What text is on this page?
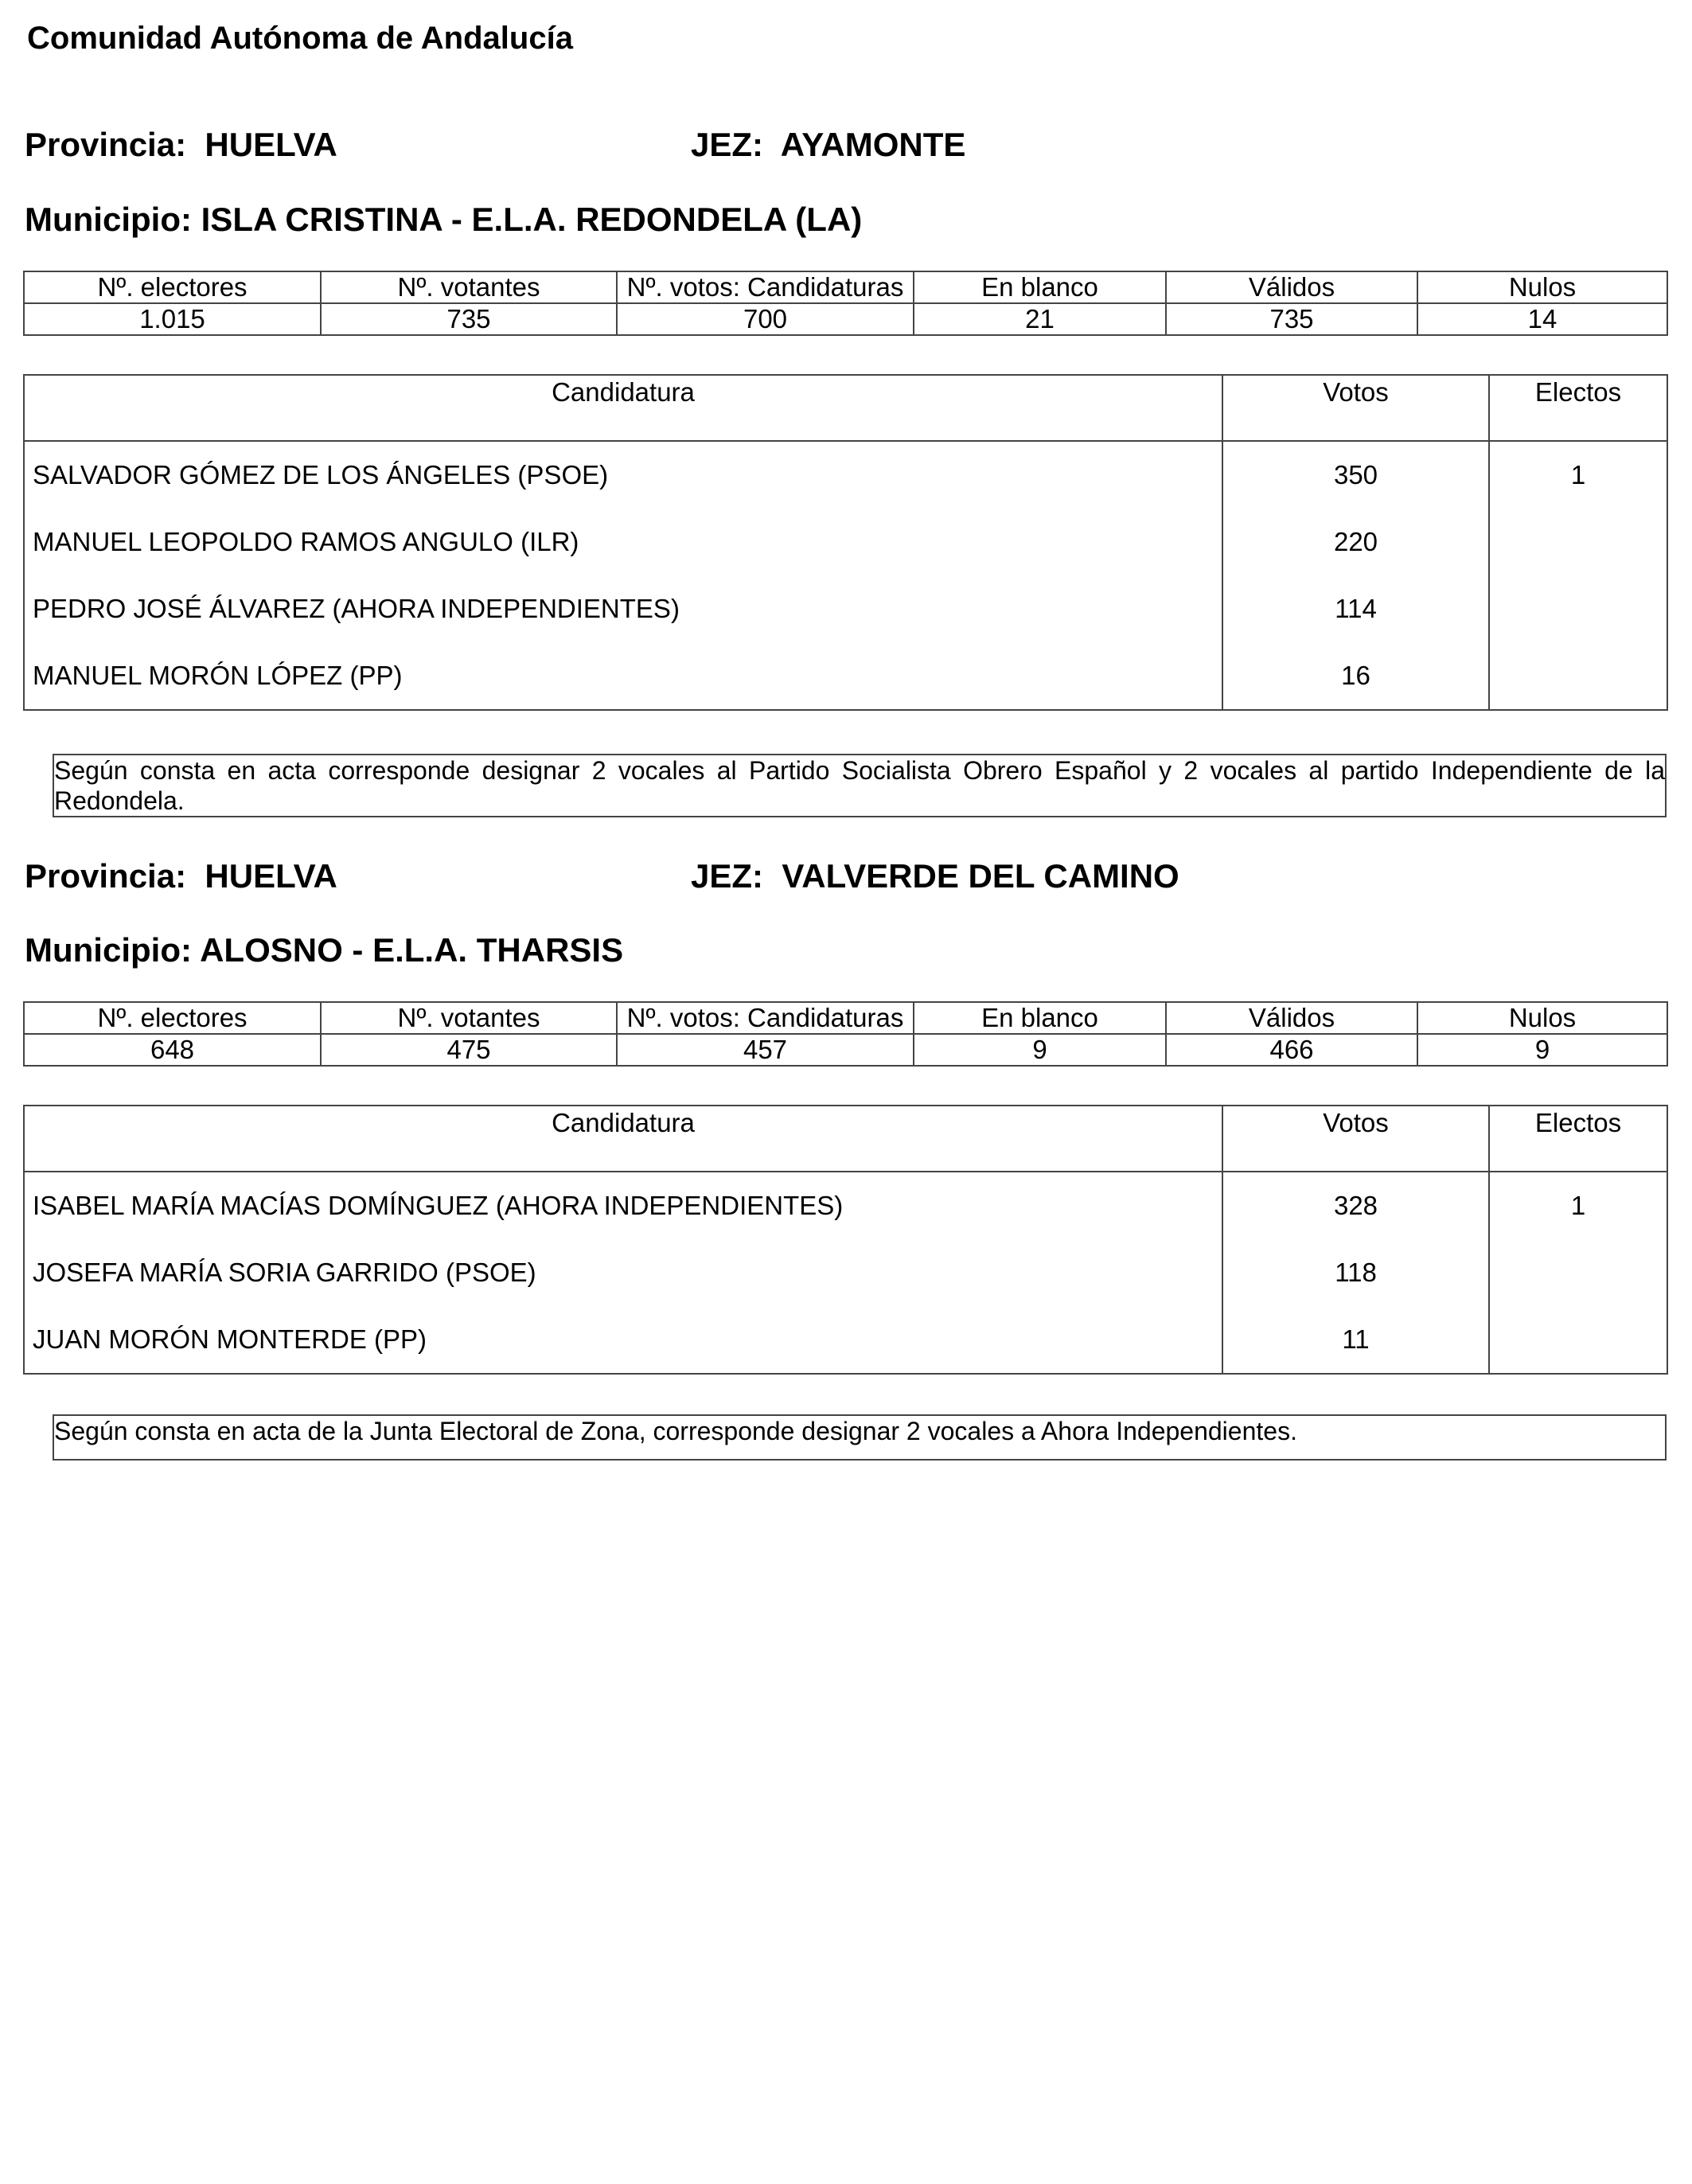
Comunidad Autónoma de Andalucía
Provincia: HUELVA	JEZ: AYAMONTE
Municipio: ISLA CRISTINA - E.L.A. REDONDELA (LA)
Nº. electores	Nº. votantes	Nº. votos: Candidaturas	En blanco	Válidos	Nulos
1.015	735	700	21	735	14
Candidatura	Votos	Electos
SALVADOR GÓMEZ DE LOS ÁNGELES (PSOE)	350	1
MANUEL LEOPOLDO RAMOS ANGULO (ILR)	220	
PEDRO JOSÉ ÁLVAREZ (AHORA INDEPENDIENTES)	114	
MANUEL MORÓN LÓPEZ (PP)	16	
Según consta en acta corresponde designar 2 vocales al Partido Socialista Obrero Español y 2 vocales al partido Independiente de la Redondela.
Provincia: HUELVA	JEZ: VALVERDE DEL CAMINO
Municipio: ALOSNO - E.L.A. THARSIS
Nº. electores	Nº. votantes	Nº. votos: Candidaturas	En blanco	Válidos	Nulos
648	475	457	9	466	9
Candidatura	Votos	Electos
ISABEL MARÍA MACÍAS DOMÍNGUEZ (AHORA INDEPENDIENTES)	328	1
JOSEFA MARÍA SORIA GARRIDO (PSOE)	118	
JUAN MORÓN MONTERDE (PP)	11	
Según consta en acta de la Junta Electoral de Zona, corresponde designar 2 vocales a Ahora Independientes.
